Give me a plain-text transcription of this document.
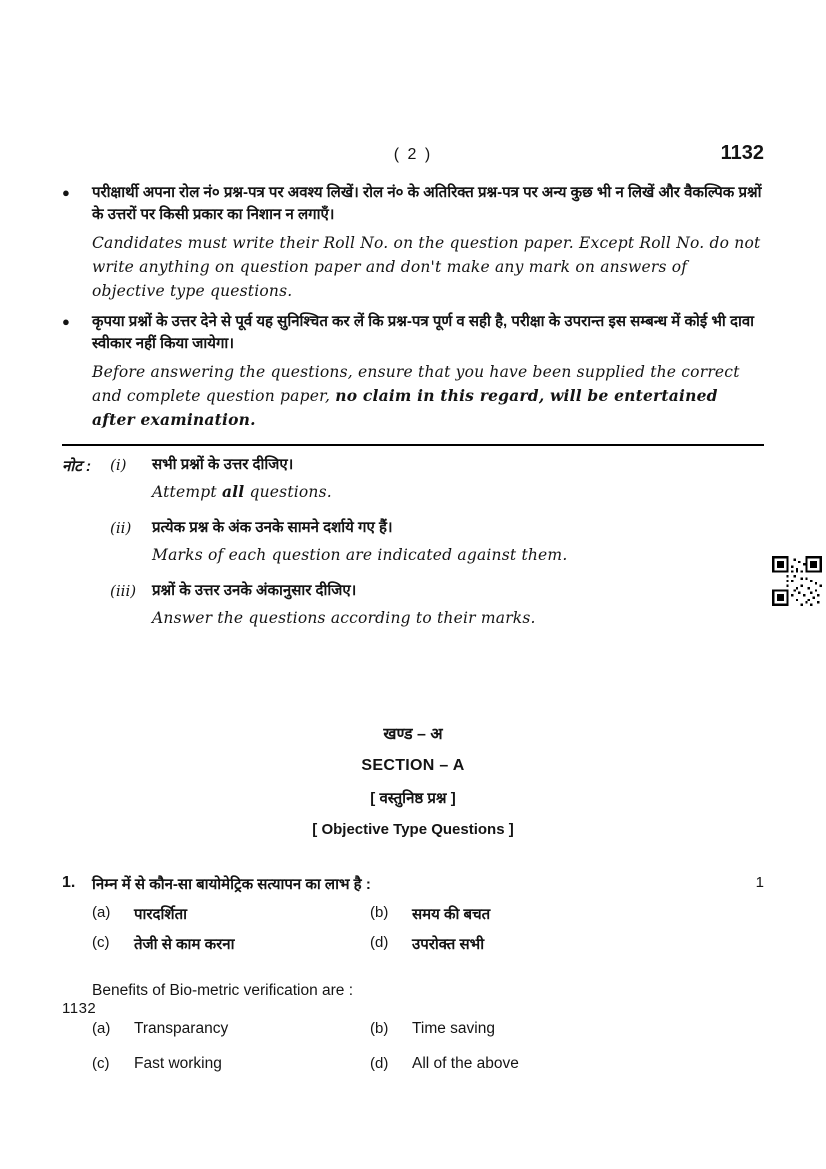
( 2 )	1132
●	परीक्षार्थी अपना रोल नं० प्रश्न-पत्र पर अवश्य लिखें। रोल नं० के अतिरिक्त प्रश्न-पत्र पर अन्य कुछ भी न लिखें और वैकल्पिक प्रश्नों के उत्तरों पर किसी प्रकार का निशान न लगाएँ।
Candidates must write their Roll No. on the question paper. Except Roll No. do not write anything on question paper and don't make any mark on answers of objective type questions.
●	कृपया प्रश्नों के उत्तर देने से पूर्व यह सुनिश्चित कर लें कि प्रश्न-पत्र पूर्ण व सही है, परीक्षा के उपरान्त इस सम्बन्ध में कोई भी दावा स्वीकार नहीं किया जायेगा।
Before answering the questions, ensure that you have been supplied the correct and complete question paper, no claim in this regard, will be entertained after examination.
नोट :	(i)	सभी प्रश्नों के उत्तर दीजिए।
Attempt all questions.
(ii)	प्रत्येक प्रश्न के अंक उनके सामने दर्शाये गए हैं।
Marks of each question are indicated against them.
(iii)	प्रश्नों के उत्तर उनके अंकानुसार दीजिए।
Answer the questions according to their marks.
खण्ड – अ
SECTION – A
[ वस्तुनिष्ठ प्रश्न ]
[ Objective Type Questions ]
1.	निम्न में से कौन-सा बायोमेट्रिक सत्यापन का लाभ है :	1
(a)	पारदर्शिता	(b)	समय की बचत
(c)	तेजी से काम करना	(d)	उपरोक्त सभी
Benefits of Bio-metric verification are :
(a)	Transparancy	(b)	Time saving
(c)	Fast working	(d)	All of the above
1132
